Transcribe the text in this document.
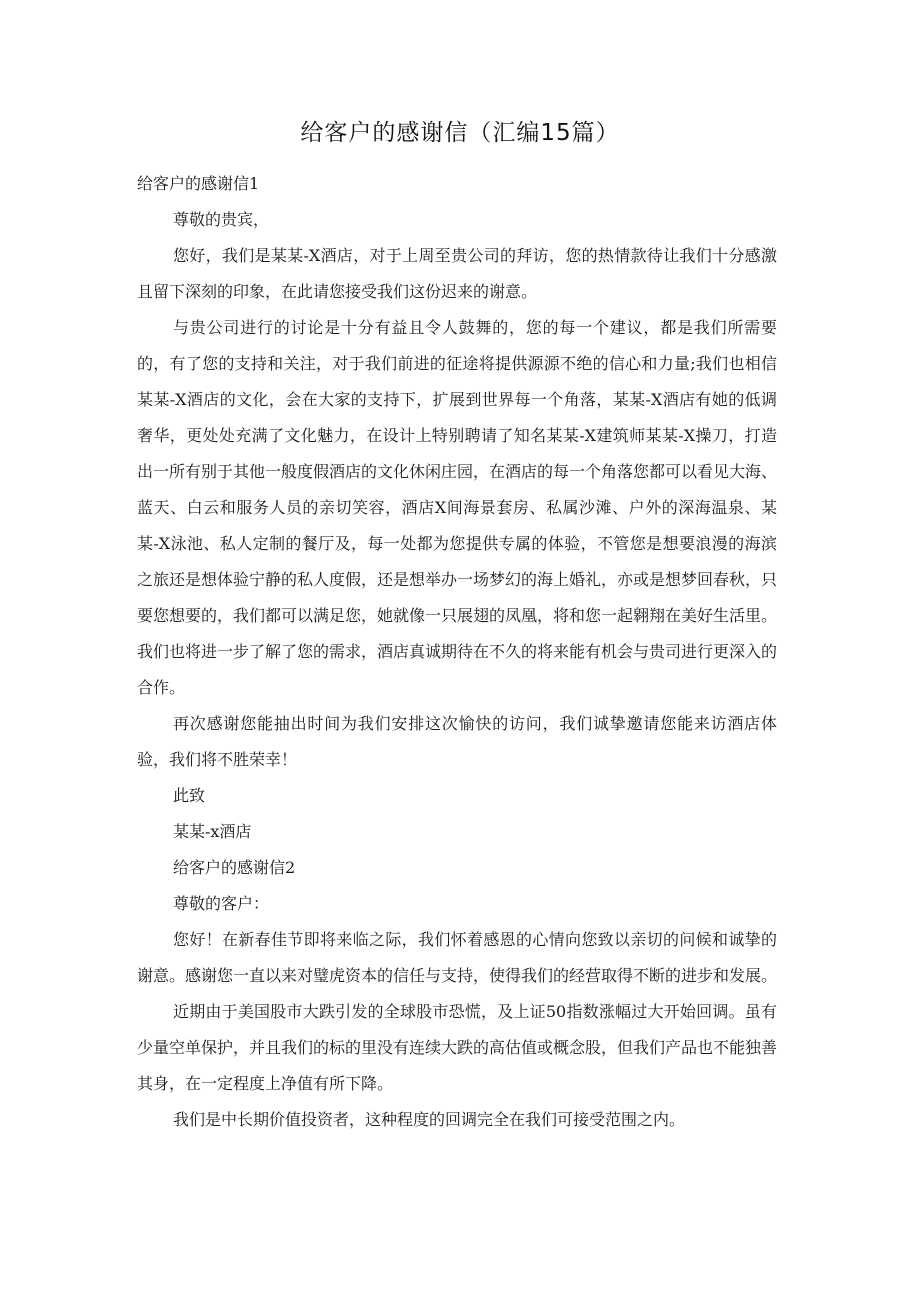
给客户的感谢信（汇编15篇）

给客户的感谢信1

尊敬的贵宾，

您好，我们是某某-X酒店，对于上周至贵公司的拜访，您的热情款待让我们十分感激且留下深刻的印象，在此请您接受我们这份迟来的谢意。

与贵公司进行的讨论是十分有益且令人鼓舞的，您的每一个建议，都是我们所需要的，有了您的支持和关注，对于我们前进的征途将提供源源不绝的信心和力量;我们也相信某某-X酒店的文化，会在大家的支持下，扩展到世界每一个角落，某某-X酒店有她的低调奢华，更处处充满了文化魅力，在设计上特别聘请了知名某某-X建筑师某某-X操刀，打造出一所有别于其他一般度假酒店的文化休闲庄园，在酒店的每一个角落您都可以看见大海、蓝天、白云和服务人员的亲切笑容，酒店X间海景套房、私属沙滩、户外的深海温泉、某某-X泳池、私人定制的餐厅及，每一处都为您提供专属的体验，不管您是想要浪漫的海滨之旅还是想体验宁静的私人度假，还是想举办一场梦幻的海上婚礼，亦或是想梦回春秋，只要您想要的，我们都可以满足您，她就像一只展翅的凤凰，将和您一起翱翔在美好生活里。我们也将进一步了解了您的需求，酒店真诚期待在不久的将来能有机会与贵司进行更深入的合作。

再次感谢您能抽出时间为我们安排这次愉快的访问，我们诚挚邀请您能来访酒店体验，我们将不胜荣幸！

此致

某某-x酒店

给客户的感谢信2

尊敬的客户：

您好！在新春佳节即将来临之际，我们怀着感恩的心情向您致以亲切的问候和诚挚的谢意。感谢您一直以来对璧虎资本的信任与支持，使得我们的经营取得不断的进步和发展。

近期由于美国股市大跌引发的全球股市恐慌，及上证50指数涨幅过大开始回调。虽有少量空单保护，并且我们的标的里没有连续大跌的高估值或概念股，但我们产品也不能独善其身，在一定程度上净值有所下降。

我们是中长期价值投资者，这种程度的回调完全在我们可接受范围之内。
